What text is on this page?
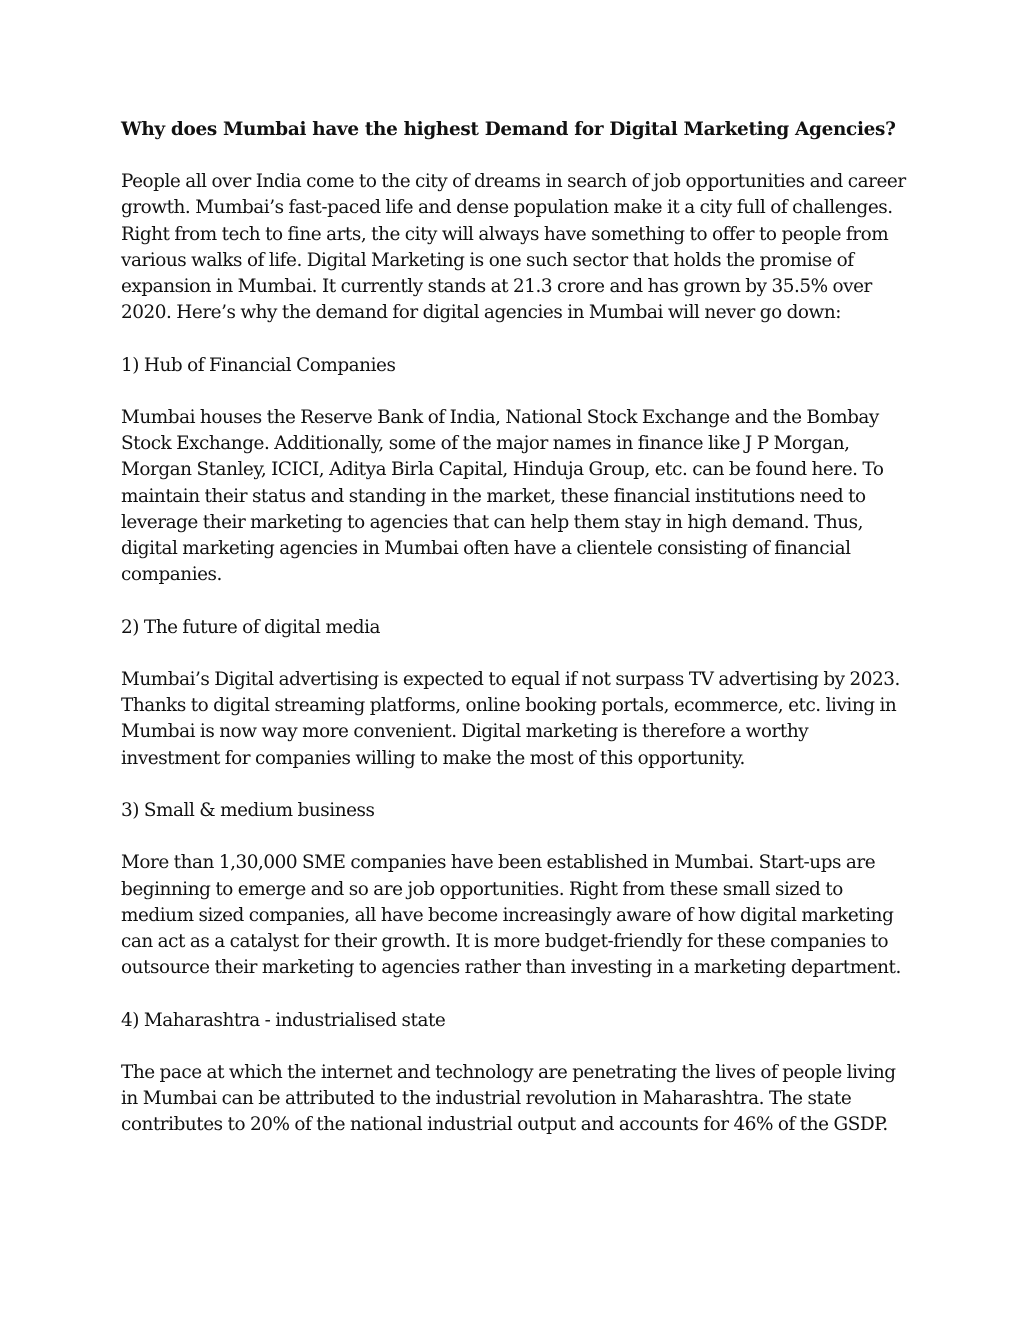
Why does Mumbai have the highest Demand for Digital Marketing Agencies?

People all over India come to the city of dreams in search of job opportunities and career growth. Mumbai’s fast-paced life and dense population make it a city full of challenges. Right from tech to fine arts, the city will always have something to offer to people from various walks of life. Digital Marketing is one such sector that holds the promise of expansion in Mumbai. It currently stands at 21.3 crore and has grown by 35.5% over 2020. Here’s why the demand for digital agencies in Mumbai will never go down:

1) Hub of Financial Companies

Mumbai houses the Reserve Bank of India, National Stock Exchange and the Bombay Stock Exchange. Additionally, some of the major names in finance like J P Morgan, Morgan Stanley, ICICI, Aditya Birla Capital, Hinduja Group, etc. can be found here. To maintain their status and standing in the market, these financial institutions need to leverage their marketing to agencies that can help them stay in high demand. Thus, digital marketing agencies in Mumbai often have a clientele consisting of financial companies.

2) The future of digital media

Mumbai’s Digital advertising is expected to equal if not surpass TV advertising by 2023. Thanks to digital streaming platforms, online booking portals, ecommerce, etc. living in Mumbai is now way more convenient. Digital marketing is therefore a worthy investment for companies willing to make the most of this opportunity.

3) Small & medium business

More than 1,30,000 SME companies have been established in Mumbai. Start-ups are beginning to emerge and so are job opportunities. Right from these small sized to medium sized companies, all have become increasingly aware of how digital marketing can act as a catalyst for their growth. It is more budget-friendly for these companies to outsource their marketing to agencies rather than investing in a marketing department.

4) Maharashtra - industrialised state

The pace at which the internet and technology are penetrating the lives of people living in Mumbai can be attributed to the industrial revolution in Maharashtra. The state contributes to 20% of the national industrial output and accounts for 46% of the GSDP.
